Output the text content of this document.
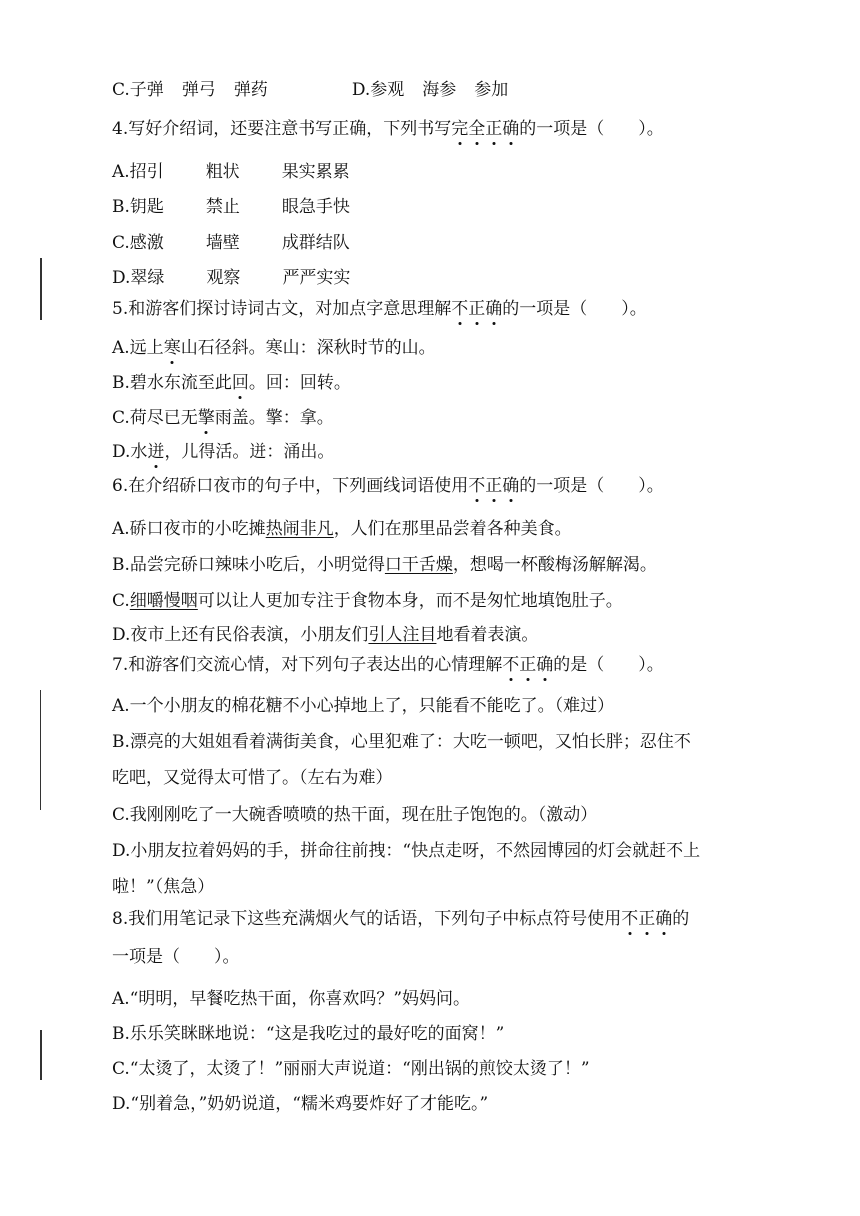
C.子弹 弹弓 弹药	D.参观 海参 参加
4.写好介绍词，还要注意书写正确，下列书写完全正确的一项是（　　）。
A.招引 粗状 果实累累
B.钥匙 禁止 眼急手快
C.感激 墙壁 成群结队
D.翠绿 观察 严严实实
5.和游客们探讨诗词古文，对加点字意思理解不正确的一项是（　　）。
A.远上寒山石径斜。寒山：深秋时节的山。
B.碧水东流至此回。回：回转。
C.荷尽已无擎雨盖。擎：拿。
D.水迸，儿得活。迸：涌出。
6.在介绍硚口夜市的句子中，下列画线词语使用不正确的一项是（　　）。
A.硚口夜市的小吃摊热闹非凡，人们在那里品尝着各种美食。
B.品尝完硚口辣味小吃后，小明觉得口干舌燥，想喝一杯酸梅汤解解渴。
C.细嚼慢咽可以让人更加专注于食物本身，而不是匆忙地填饱肚子。
D.夜市上还有民俗表演，小朋友们引人注目地看着表演。
7.和游客们交流心情，对下列句子表达出的心情理解不正确的是（　　）。
A.一个小朋友的棉花糖不小心掉地上了，只能看不能吃了。（难过）
B.漂亮的大姐姐看着满街美食，心里犯难了：大吃一顿吧，又怕长胖；忍住不
吃吧，又觉得太可惜了。（左右为难）
C.我刚刚吃了一大碗香喷喷的热干面，现在肚子饱饱的。（激动）
D.小朋友拉着妈妈的手，拼命往前拽：“快点走呀，不然园博园的灯会就赶不上
啦！”（焦急）
8.我们用笔记录下这些充满烟火气的话语，下列句子中标点符号使用不正确的
一项是（　　）。
A.“明明，早餐吃热干面，你喜欢吗？”妈妈问。
B.乐乐笑眯眯地说：“这是我吃过的最好吃的面窝！”
C.“太烫了，太烫了！”丽丽大声说道：“刚出锅的煎饺太烫了！”
D.“别着急，”奶奶说道，“糯米鸡要炸好了才能吃。”
